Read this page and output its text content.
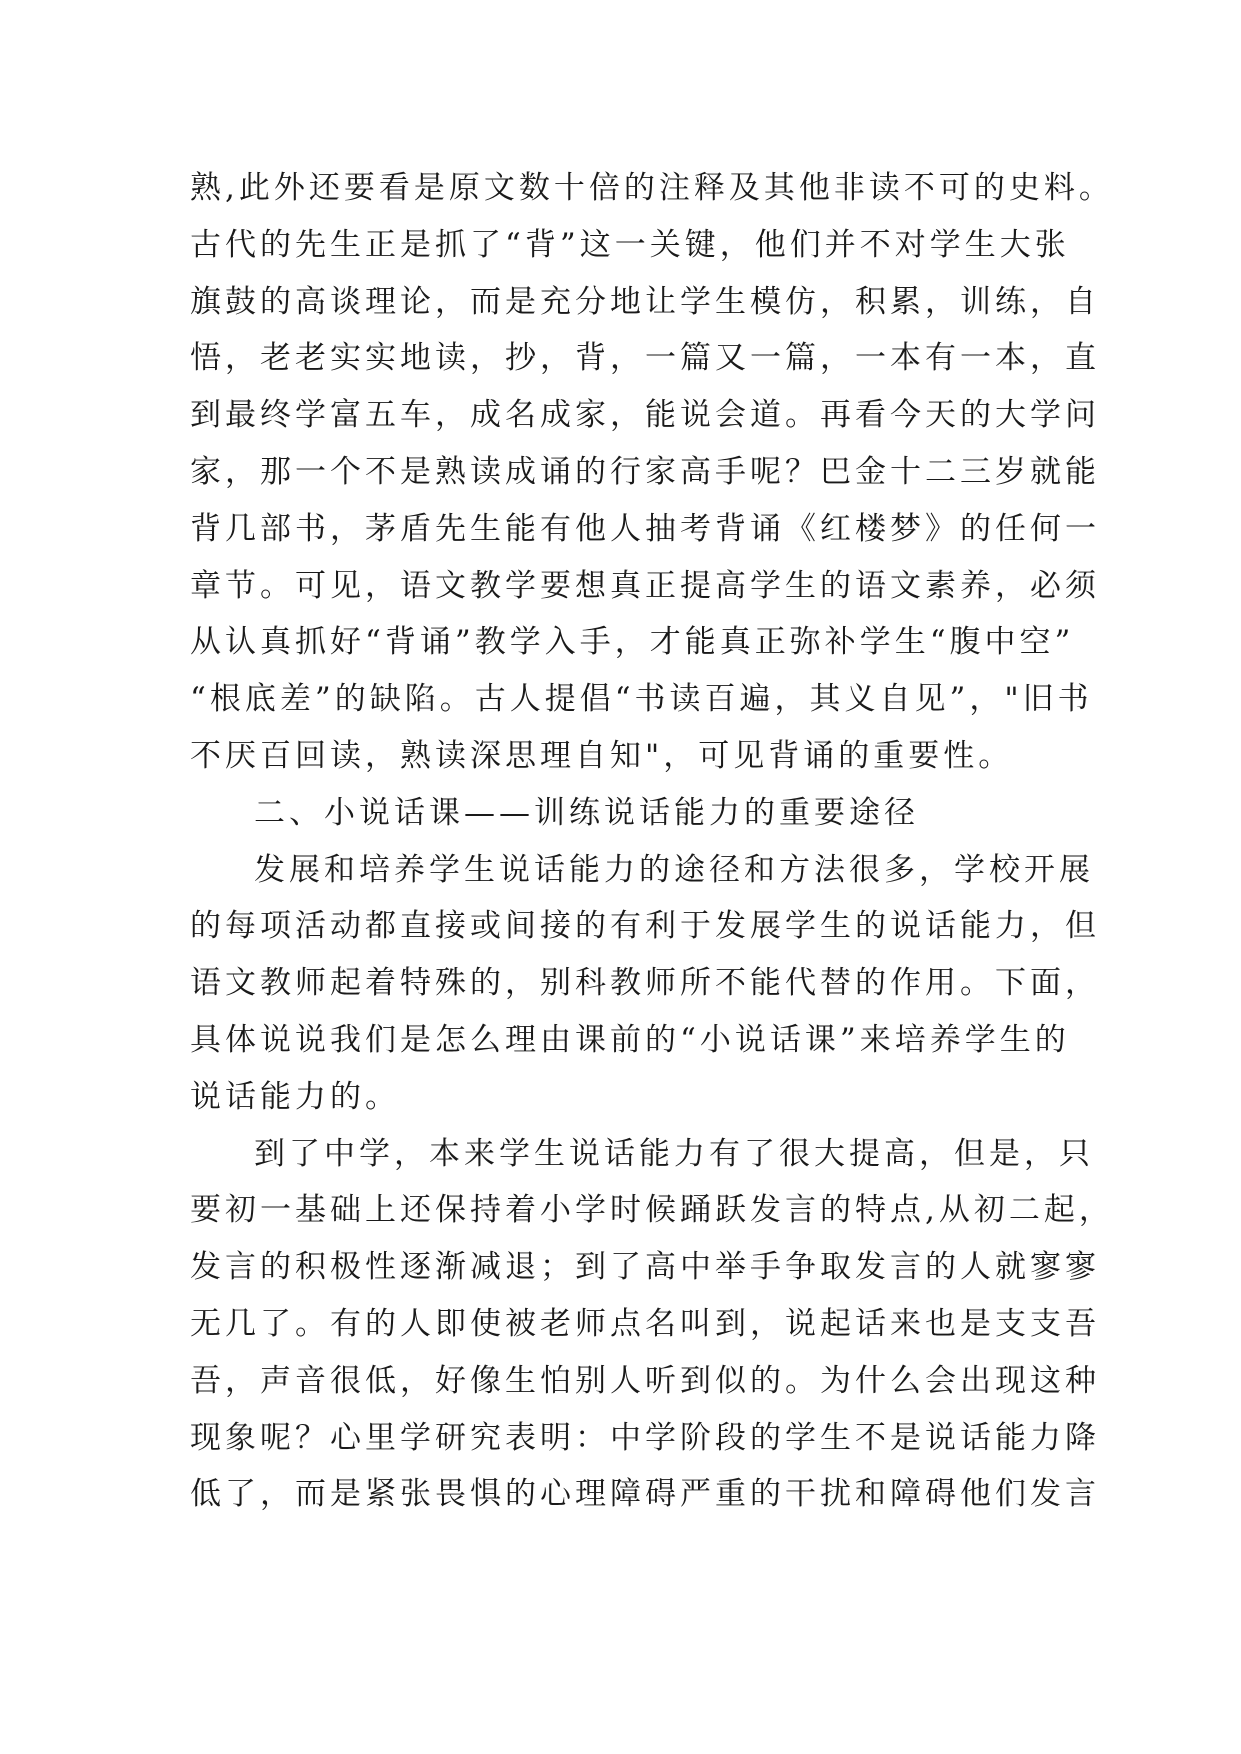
熟,此外还要看是原文数十倍的注释及其他非读不可的史料。
古代的先生正是抓了“背”这一关键，他们并不对学生大张
旗鼓的高谈理论，而是充分地让学生模仿，积累，训练，自
悟，老老实实地读，抄，背，一篇又一篇，一本有一本，直
到最终学富五车，成名成家，能说会道。再看今天的大学问
家，那一个不是熟读成诵的行家高手呢？巴金十二三岁就能
背几部书，茅盾先生能有他人抽考背诵《红楼梦》的任何一
章节。可见，语文教学要想真正提高学生的语文素养，必须
从认真抓好“背诵”教学入手，才能真正弥补学生“腹中空”
“根底差”的缺陷。古人提倡“书读百遍，其义自见”，"旧书
不厌百回读，熟读深思理自知"，可见背诵的重要性。
二、小说话课——训练说话能力的重要途径
发展和培养学生说话能力的途径和方法很多，学校开展
的每项活动都直接或间接的有利于发展学生的说话能力，但
语文教师起着特殊的，别科教师所不能代替的作用。下面，
具体说说我们是怎么理由课前的“小说话课”来培养学生的
说话能力的。
到了中学，本来学生说话能力有了很大提高，但是，只
要初一基础上还保持着小学时候踊跃发言的特点,从初二起，
发言的积极性逐渐减退；到了高中举手争取发言的人就寥寥
无几了。有的人即使被老师点名叫到，说起话来也是支支吾
吾，声音很低，好像生怕别人听到似的。为什么会出现这种
现象呢？心里学研究表明：中学阶段的学生不是说话能力降
低了，而是紧张畏惧的心理障碍严重的干扰和障碍他们发言
